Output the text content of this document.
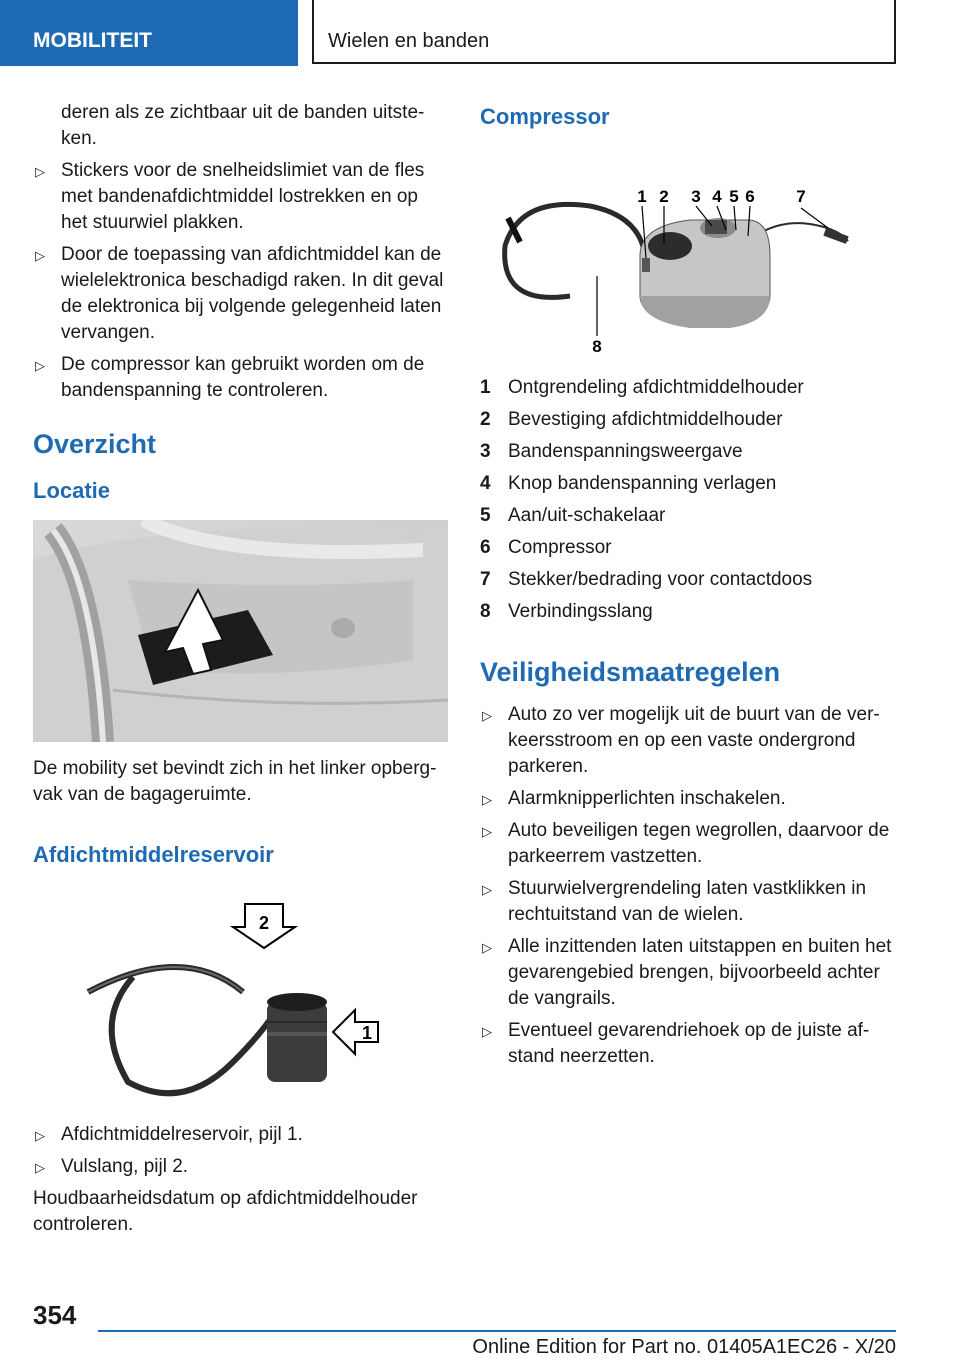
MOBILITEIT	Wielen en banden

deren als ze zichtbaar uit de banden uitsteken.

▷ Stickers voor de snelheidslimiet van de fles met bandenafdichtmiddel lostrekken en op het stuurwiel plakken.
▷ Door de toepassing van afdichtmiddel kan de wielelektronica beschadigd raken. In dit geval de elektronica bij volgende gelegenheid laten vervangen.
▷ De compressor kan gebruikt worden om de bandenspanning te controleren.
Overzicht
Locatie

De mobility set bevindt zich in het linker opbergvak van de bagageruimte.

Afdichtmiddelreservoir
2
1
▷ Afdichtmiddelreservoir, pijl 1.
▷ Vulslang, pijl 2.

Houdbaarheidsdatum op afdichtmiddelhouder controleren.

Compressor
1 2 3 4 5 6 7
8
1 Ontgrendeling afdichtmiddelhouder
2 Bevestiging afdichtmiddelhouder
3 Bandenspanningsweergave
4 Knop bandenspanning verlagen
5 Aan/uit-schakelaar
6 Compressor
7 Stekker/bedrading voor contactdoos
8 Verbindingsslang
Veiligheidsmaatregelen
▷ Auto zo ver mogelijk uit de buurt van de verkeersstroom en op een vaste ondergrond parkeren.
▷ Alarmknipperlichten inschakelen.
▷ Auto beveiligen tegen wegrollen, daarvoor de parkeerrem vastzetten.
▷ Stuurwielvergrendeling laten vastklikken in rechtuitstand van de wielen.
▷ Alle inzittenden laten uitstappen en buiten het gevarengebied brengen, bijvoorbeeld achter de vangrails.
▷ Eventueel gevarendriehoek op de juiste afstand neerzetten.
354
Online Edition for Part no. 01405A1EC26 - X/20
